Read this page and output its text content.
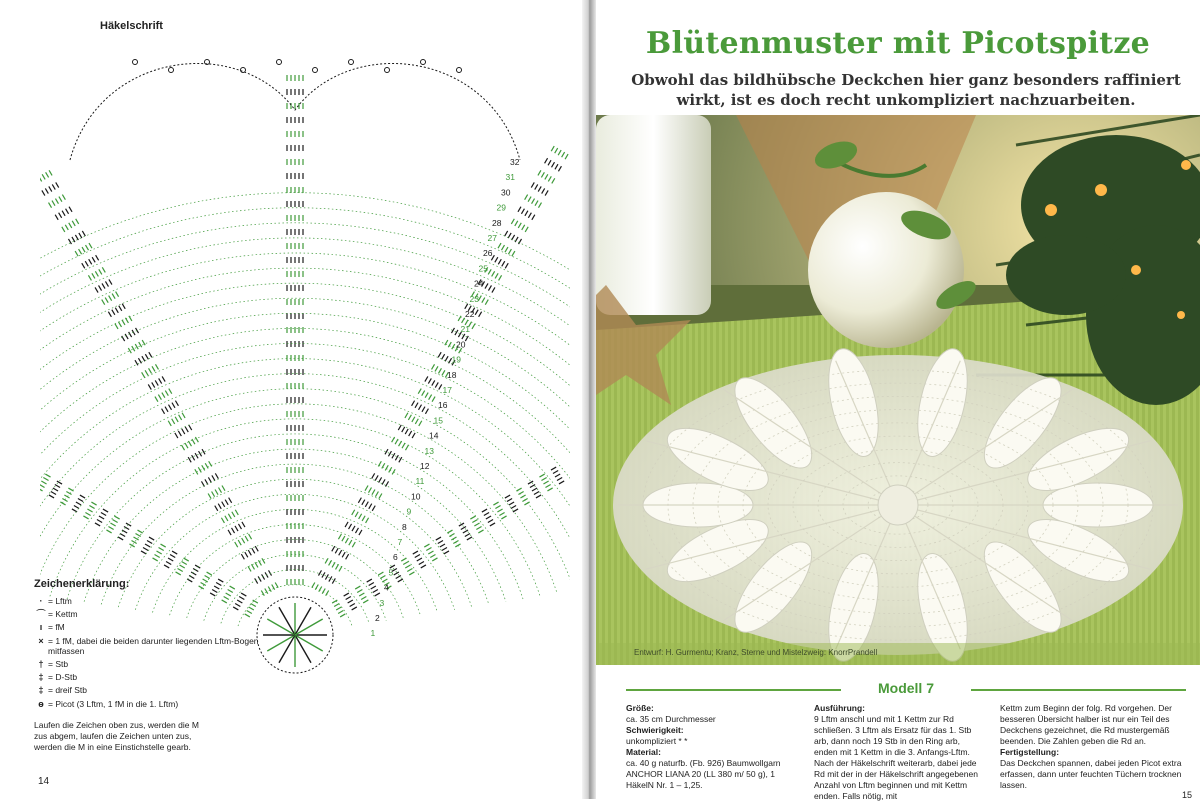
Häkelschrift
32
31
30
29
28
27
26
25
24
23
22
21
20
19
18
17
16
15
14
13
12
11
10
9
8
7
6
5
4
3
2
1
Zeichenerklärung:
· = Lftm
⌒ = Kettm
ı = fM
× = 1 fM, dabei die beiden darunter liegenden Lftm-Bogen mitfassen
† = Stb
‡ = D-Stb
‡ = dreif Stb
ɵ = Picot (3 Lftm, 1 fM in die 1. Lftm)
Laufen die Zeichen oben zus, werden die M zus abgem, laufen die Zeichen unten zus, werden die M in eine Einstichstelle gearb.
14
Blütenmuster mit Picotspitze
Obwohl das bildhübsche Deckchen hier ganz besonders raffiniert wirkt, ist es doch recht unkompliziert nachzuarbeiten.
Entwurf: H. Gurmentu; Kranz, Sterne und Mistelzweig: KnorrPrandell
Modell 7
Größe:
ca. 35 cm Durchmesser
Schwierigkeit:
unkompliziert * *
Material:
ca. 40 g naturfb. (Fb. 926) Baumwollgarn ANCHOR LIANA 20 (LL 380 m/ 50 g), 1 HäkelN Nr. 1 – 1,25.
Ausführung:
9 Lftm anschl und mit 1 Kettm zur Rd schließen. 3 Lftm als Ersatz für das 1. Stb arb, dann noch 19 Stb in den Ring arb, enden mit 1 Kettm in die 3. Anfangs-Lftm. Nach der Häkelschrift weiterarb, dabei jede Rd mit der in der Häkelschrift angegebenen Anzahl von Lftm beginnen und mit Kettm enden. Falls nötig, mit
Kettm zum Beginn der folg. Rd vorgehen. Der besseren Übersicht halber ist nur ein Teil des Deckchens gezeichnet, die Rd mustergemäß beenden. Die Zahlen geben die Rd an.
Fertigstellung:
Das Deckchen spannen, dabei jeden Picot extra erfassen, dann unter feuchten Tüchern trocknen lassen.
15
